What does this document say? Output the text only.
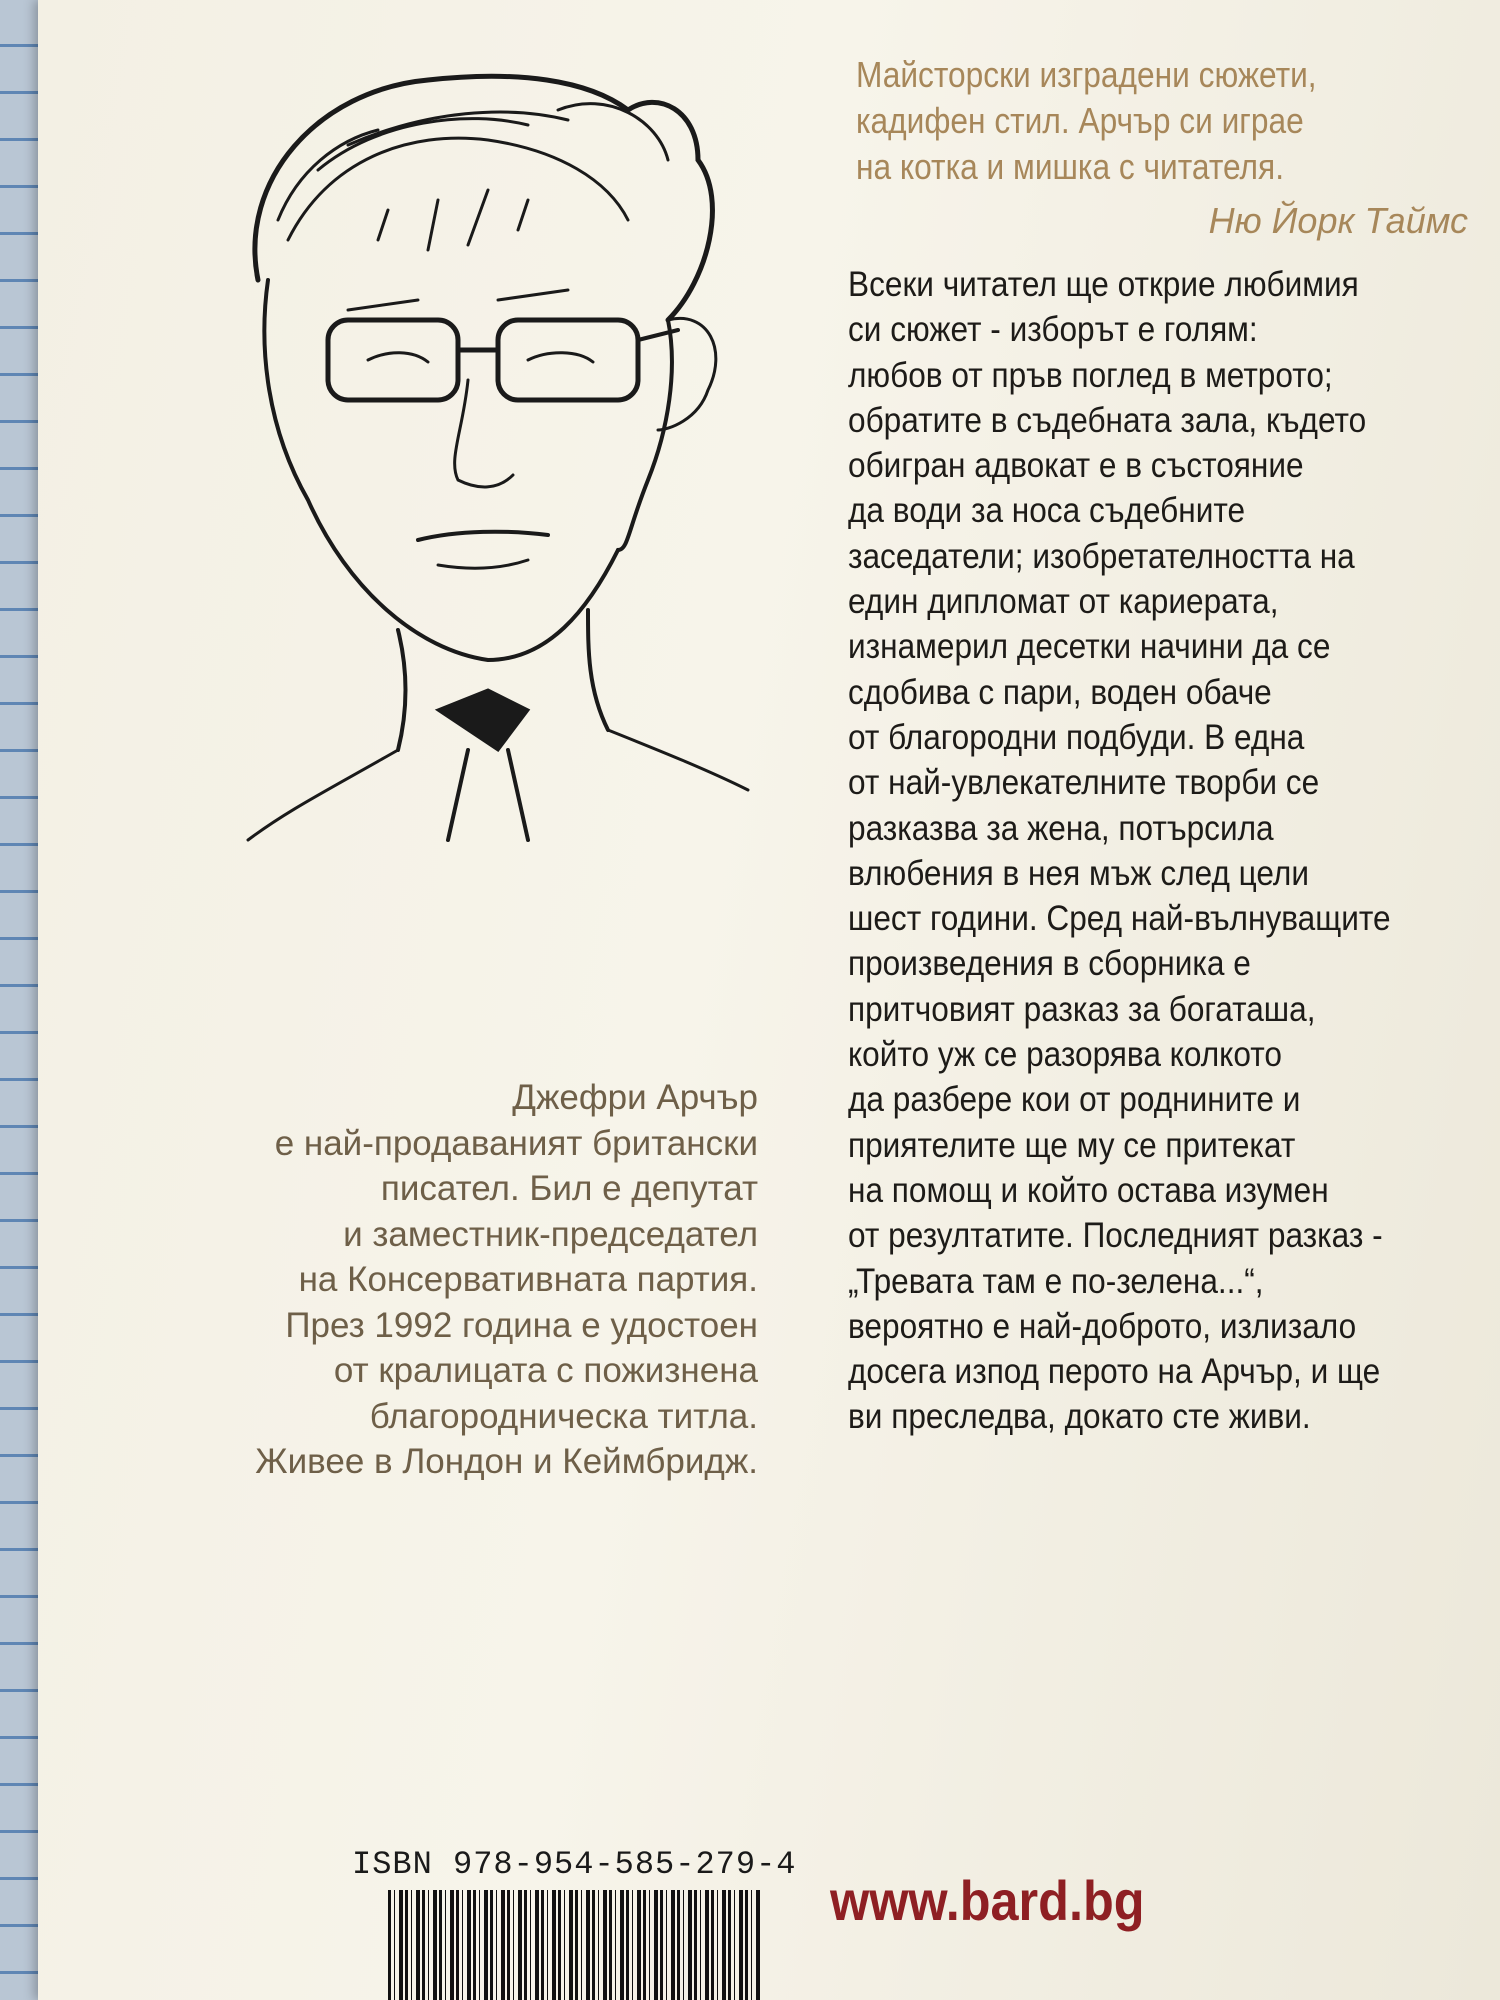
Майсторски изградени сюжети,
кадифен стил. Арчър си играе
на котка и мишка с читателя.
Ню Йорк Таймс
Всеки читател ще открие любимия
си сюжет - изборът е голям:
любов от пръв поглед в метрото;
обратите в съдебната зала, където
обигран адвокат е в състояние
да води за носа съдебните
заседатели; изобретателността на
един дипломат от кариерата,
изнамерил десетки начини да се
сдобива с пари, воден обаче
от благородни подбуди. В една
от най-увлекателните творби се
разказва за жена, потърсила
влюбения в нея мъж след цели
шест години. Сред най-вълнуващите
произведения в сборника е
притчовият разказ за богаташа,
който уж се разорява колкото
да разбере кои от роднините и
приятелите ще му се притекат
на помощ и който остава изумен
от резултатите. Последният разказ -
„Тревата там е по-зелена...“,
вероятно е най-доброто, излизало
досега изпод перото на Арчър, и ще
ви преследва, докато сте живи.
Джефри Арчър
е най-продаваният британски
писател. Бил е депутат
и заместник-председател
на Консервативната партия.
През 1992 година е удостоен
от кралицата с пожизнена
благородническа титла.
Живее в Лондон и Кеймбридж.
ISBN 978-954-585-279-4
www.bard.bg
